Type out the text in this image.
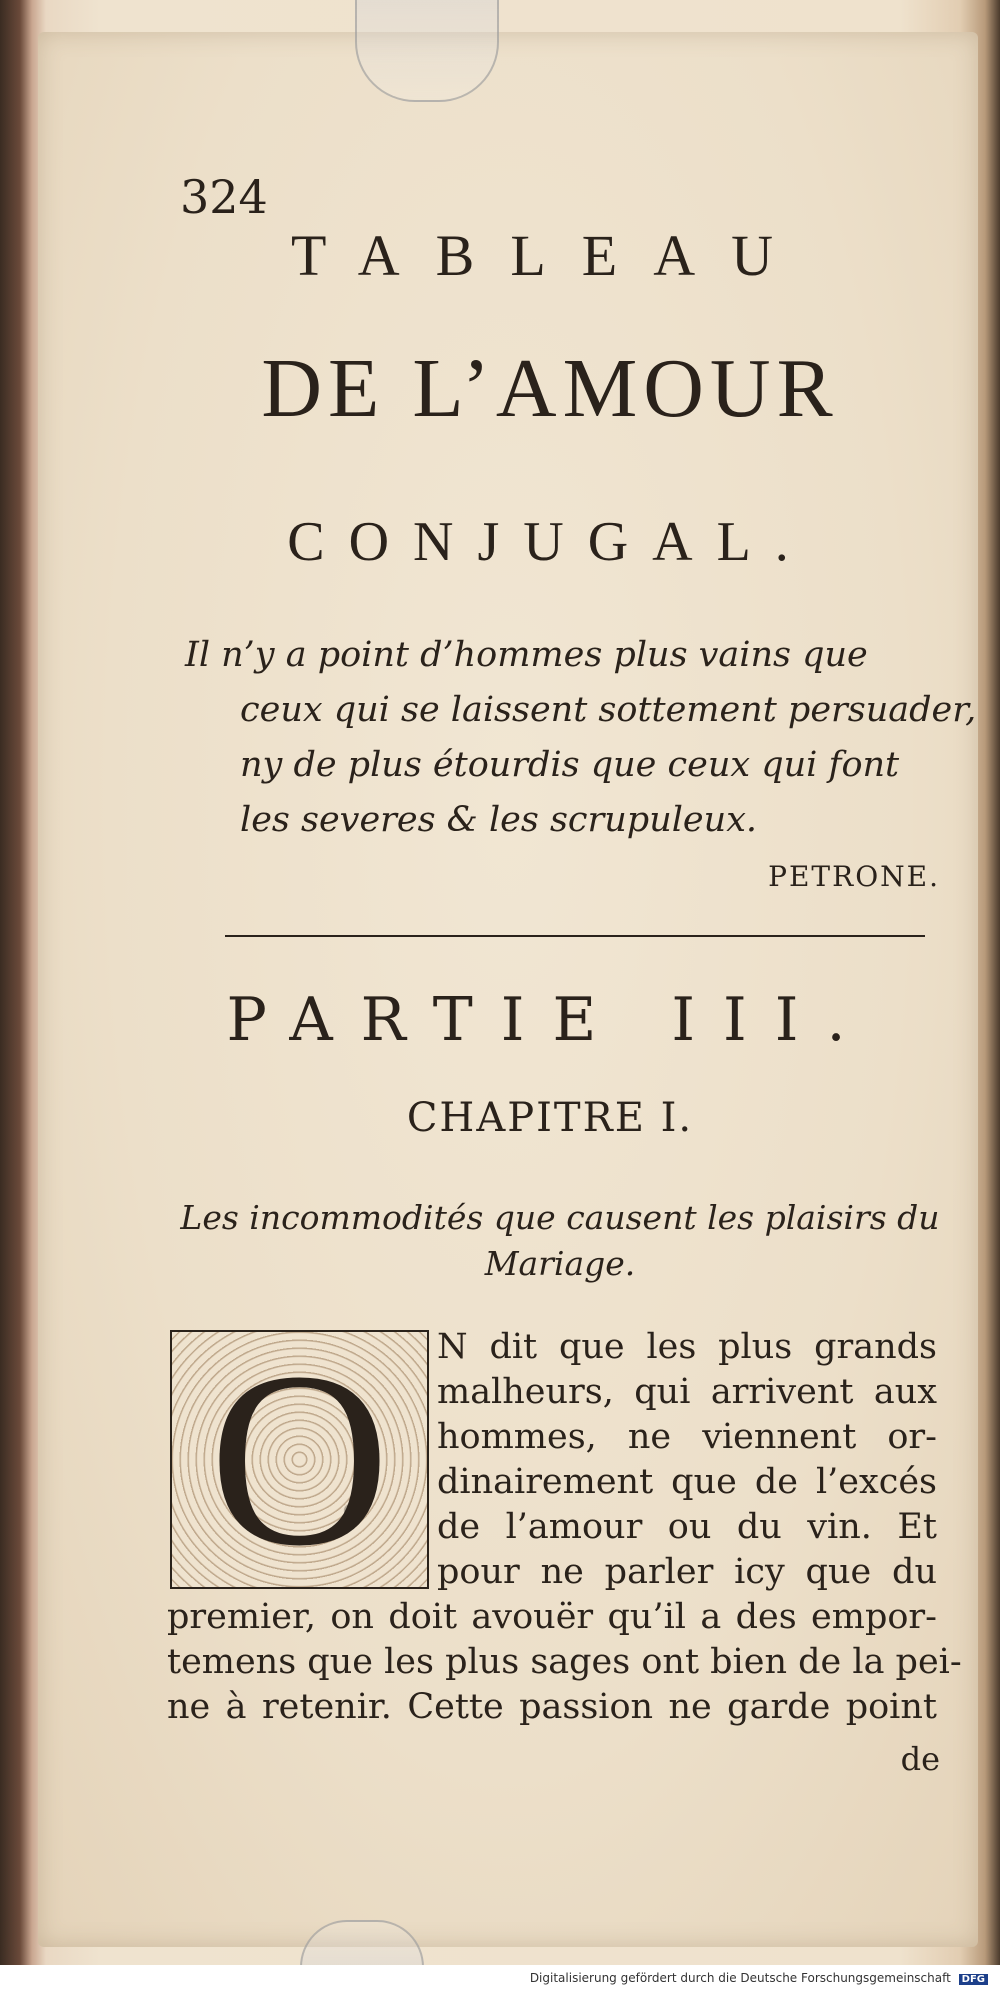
324
TABLEAU
DE L’AMOUR
CONJUGAL.
Il n’y a point d’hommes plus vains que
ceux qui se laissent sottement persuader,
ny de plus étourdis que ceux qui font
les severes & les scrupuleux.
PETRONE.
PARTIE III.
CHAPITRE I.
Les incommodités que causent les plaisirs du
Mariage.
O	N dit que les plus grands
malheurs, qui arrivent aux
hommes, ne viennent or-
dinairement que de l’excés
de l’amour ou du vin. Et
pour ne parler icy que du
premier, on doit avouër qu’il a des empor-
temens que les plus sages ont bien de la pei-
ne à retenir. Cette passion ne garde point
de
Digitalisierung gefördert durch die Deutsche Forschungsgemeinschaft DFG
